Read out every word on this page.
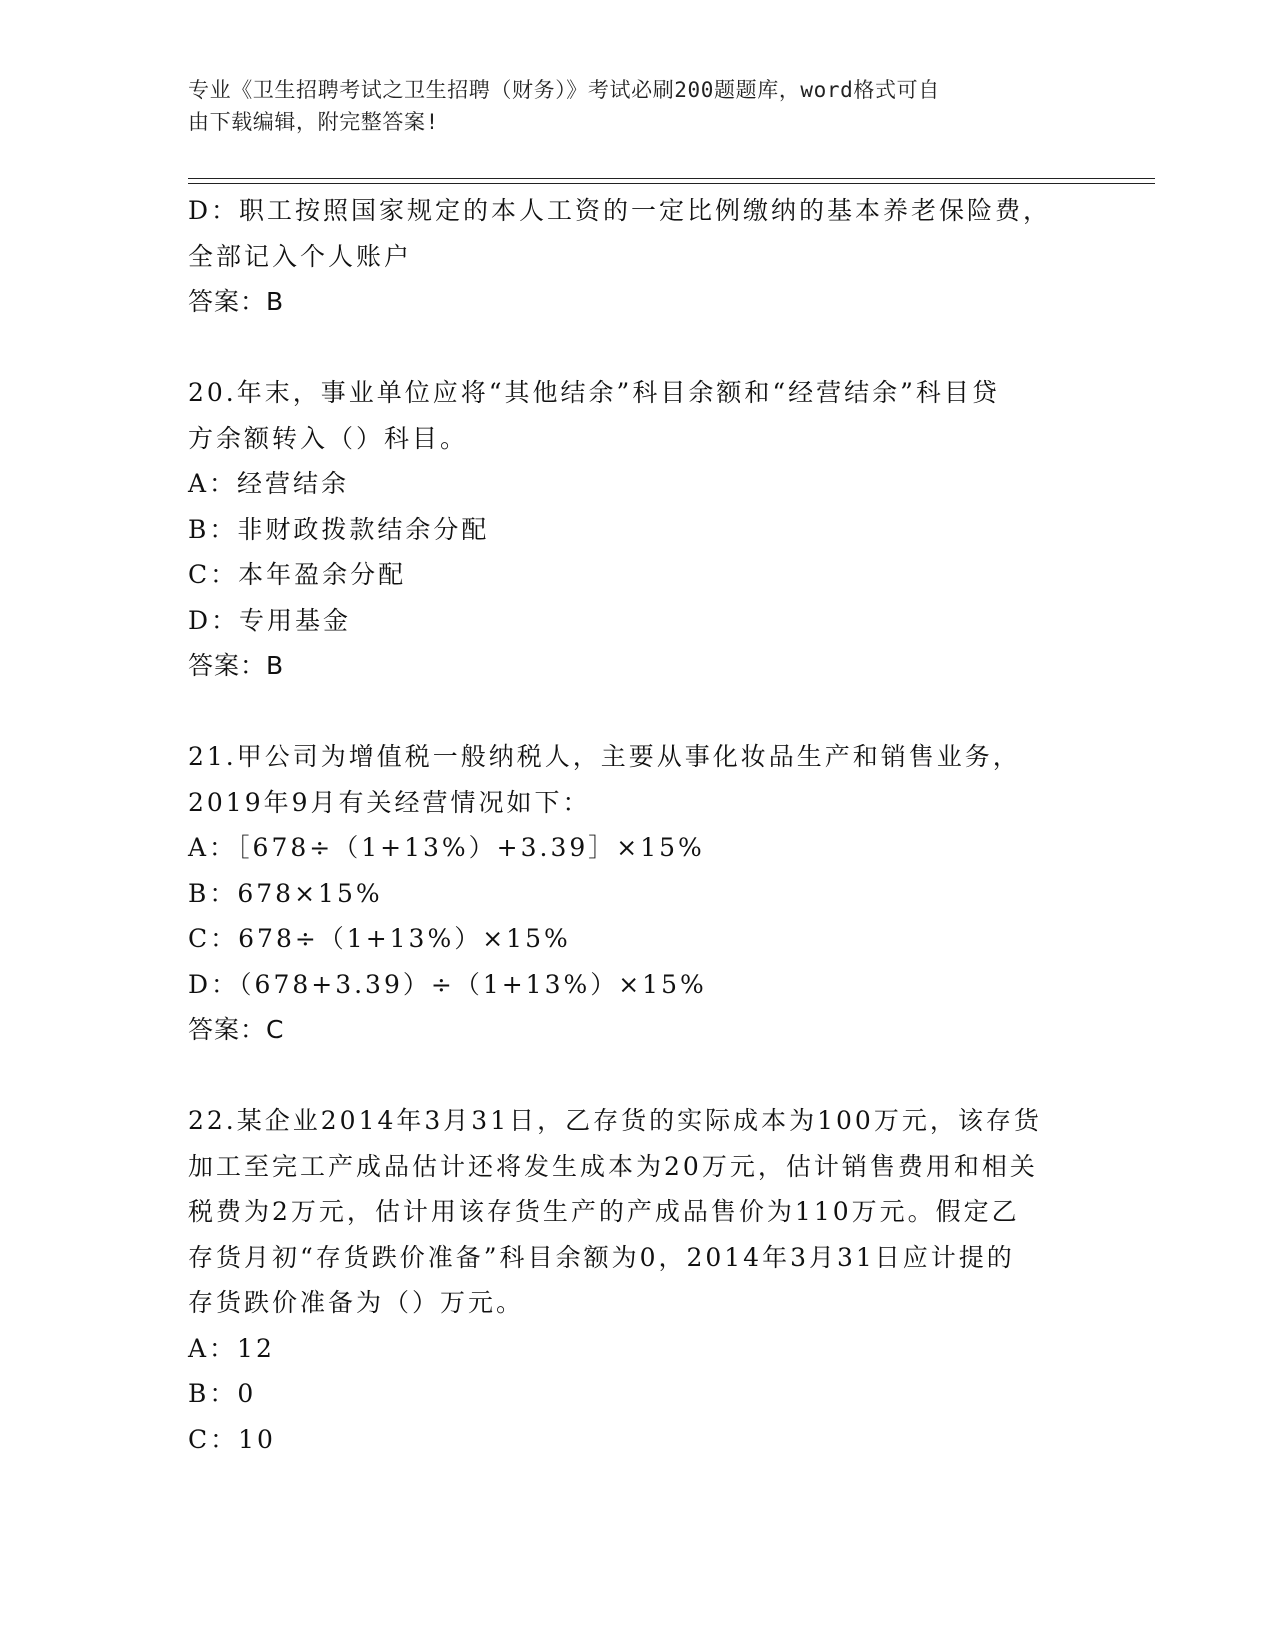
专业《卫生招聘考试之卫生招聘（财务）》考试必刷200题题库，word格式可自
由下载编辑，附完整答案!

D：职工按照国家规定的本人工资的一定比例缴纳的基本养老保险费，

全部记入个人账户

答案：B

20.年末，事业单位应将“其他结余”科目余额和“经营结余”科目贷

方余额转入（）科目。

A：经营结余

B：非财政拨款结余分配

C：本年盈余分配

D：专用基金

答案：B

21.甲公司为增值税一般纳税人，主要从事化妆品生产和销售业务，

2019年9月有关经营情况如下：

A：［678÷（1+13%）+3.39］×15%

B：678×15%

C：678÷（1+13%）×15%

D：（678+3.39）÷（1+13%）×15%

答案：C

22.某企业2014年3月31日，乙存货的实际成本为100万元，该存货

加工至完工产成品估计还将发生成本为20万元，估计销售费用和相关

税费为2万元，估计用该存货生产的产成品售价为110万元。假定乙

存货月初“存货跌价准备”科目余额为0，2014年3月31日应计提的

存货跌价准备为（）万元。

A：12

B：0

C：10
